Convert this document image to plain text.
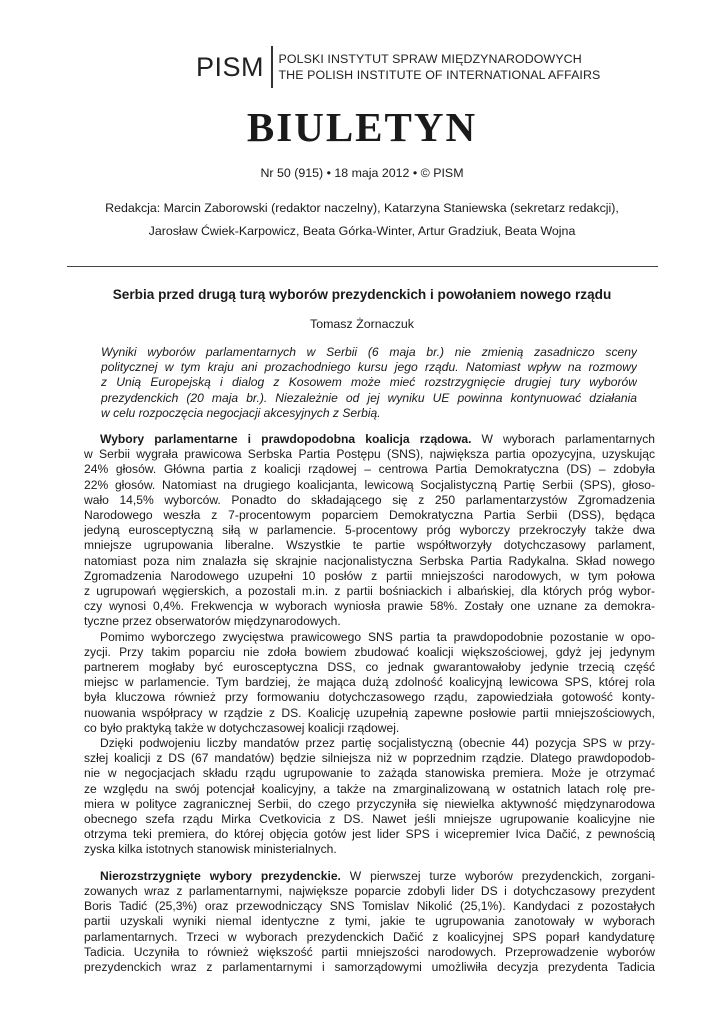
PISM POLSKI INSTYTUT SPRAW MIĘDZYNARODOWYCH
THE POLISH INSTITUTE OF INTERNATIONAL AFFAIRS
BIULETYN
Nr 50 (915) • 18 maja 2012 • © PISM
Redakcja: Marcin Zaborowski (redaktor naczelny), Katarzyna Staniewska (sekretarz redakcji),
Jarosław Ćwiek-Karpowicz, Beata Górka-Winter, Artur Gradziuk, Beata Wojna
Serbia przed drugą turą wyborów prezydenckich i powołaniem nowego rządu
Tomasz Żornaczuk
Wyniki wyborów parlamentarnych w Serbii (6 maja br.) nie zmienią zasadniczo sceny
politycznej w tym kraju ani prozachodniego kursu jego rządu. Natomiast wpływ na rozmowy
z Unią Europejską i dialog z Kosowem może mieć rozstrzygnięcie drugiej tury wyborów
prezydenckich (20 maja br.). Niezależnie od jej wyniku UE powinna kontynuować działania
w celu rozpoczęcia negocjacji akcesyjnych z Serbią.
Wybory parlamentarne i prawdopodobna koalicja rządowa. W wyborach parlamentarnych
w Serbii wygrała prawicowa Serbska Partia Postępu (SNS), największa partia opozycyjna, uzyskując
24% głosów. Główna partia z koalicji rządowej – centrowa Partia Demokratyczna (DS) – zdobyła
22% głosów. Natomiast na drugiego koalicjanta, lewicową Socjalistyczną Partię Serbii (SPS), głoso-
wało 14,5% wyborców. Ponadto do składającego się z 250 parlamentarzystów Zgromadzenia
Narodowego weszła z 7-procentowym poparciem Demokratyczna Partia Serbii (DSS), będąca
jedyną eurosceptyczną siłą w parlamencie. 5-procentowy próg wyborczy przekroczyły także dwa
mniejsze ugrupowania liberalne. Wszystkie te partie współtworzyły dotychczasowy parlament,
natomiast poza nim znalazła się skrajnie nacjonalistyczna Serbska Partia Radykalna. Skład nowego
Zgromadzenia Narodowego uzupełni 10 posłów z partii mniejszości narodowych, w tym połowa
z ugrupowań węgierskich, a pozostali m.in. z partii bośniackich i albańskiej, dla których próg wybor-
czy wynosi 0,4%. Frekwencja w wyborach wyniosła prawie 58%. Zostały one uznane za demokra-
tyczne przez obserwatorów międzynarodowych.
Pomimo wyborczego zwycięstwa prawicowego SNS partia ta prawdopodobnie pozostanie w opo-
zycji. Przy takim poparciu nie zdoła bowiem zbudować koalicji większościowej, gdyż jej jedynym
partnerem mogłaby być eurosceptyczna DSS, co jednak gwarantowałoby jedynie trzecią część
miejsc w parlamencie. Tym bardziej, że mająca dużą zdolność koalicyjną lewicowa SPS, której rola
była kluczowa również przy formowaniu dotychczasowego rządu, zapowiedziała gotowość konty-
nuowania współpracy w rządzie z DS. Koalicję uzupełnią zapewne posłowie partii mniejszościowych,
co było praktyką także w dotychczasowej koalicji rządowej.
Dzięki podwojeniu liczby mandatów przez partię socjalistyczną (obecnie 44) pozycja SPS w przy-
szłej koalicji z DS (67 mandatów) będzie silniejsza niż w poprzednim rządzie. Dlatego prawdopodob-
nie w negocjacjach składu rządu ugrupowanie to zażąda stanowiska premiera. Może je otrzymać
ze względu na swój potencjał koalicyjny, a także na zmarginalizowaną w ostatnich latach rolę pre-
miera w polityce zagranicznej Serbii, do czego przyczyniła się niewielka aktywność międzynarodowa
obecnego szefa rządu Mirka Cvetkovicia z DS. Nawet jeśli mniejsze ugrupowanie koalicyjne nie
otrzyma teki premiera, do której objęcia gotów jest lider SPS i wicepremier Ivica Dačić, z pewnością
zyska kilka istotnych stanowisk ministerialnych.
Nierozstrzygnięte wybory prezydenckie. W pierwszej turze wyborów prezydenckich, zorgani-
zowanych wraz z parlamentarnymi, największe poparcie zdobyli lider DS i dotychczasowy prezydent
Boris Tadić (25,3%) oraz przewodniczący SNS Tomislav Nikolić (25,1%). Kandydaci z pozostałych
partii uzyskali wyniki niemal identyczne z tymi, jakie te ugrupowania zanotowały w wyborach
parlamentarnych. Trzeci w wyborach prezydenckich Dačić z koalicyjnej SPS poparł kandydaturę
Tadicia. Uczyniła to również większość partii mniejszości narodowych. Przeprowadzenie wyborów
prezydenckich wraz z parlamentarnymi i samorządowymi umożliwiła decyzja prezydenta Tadicia
